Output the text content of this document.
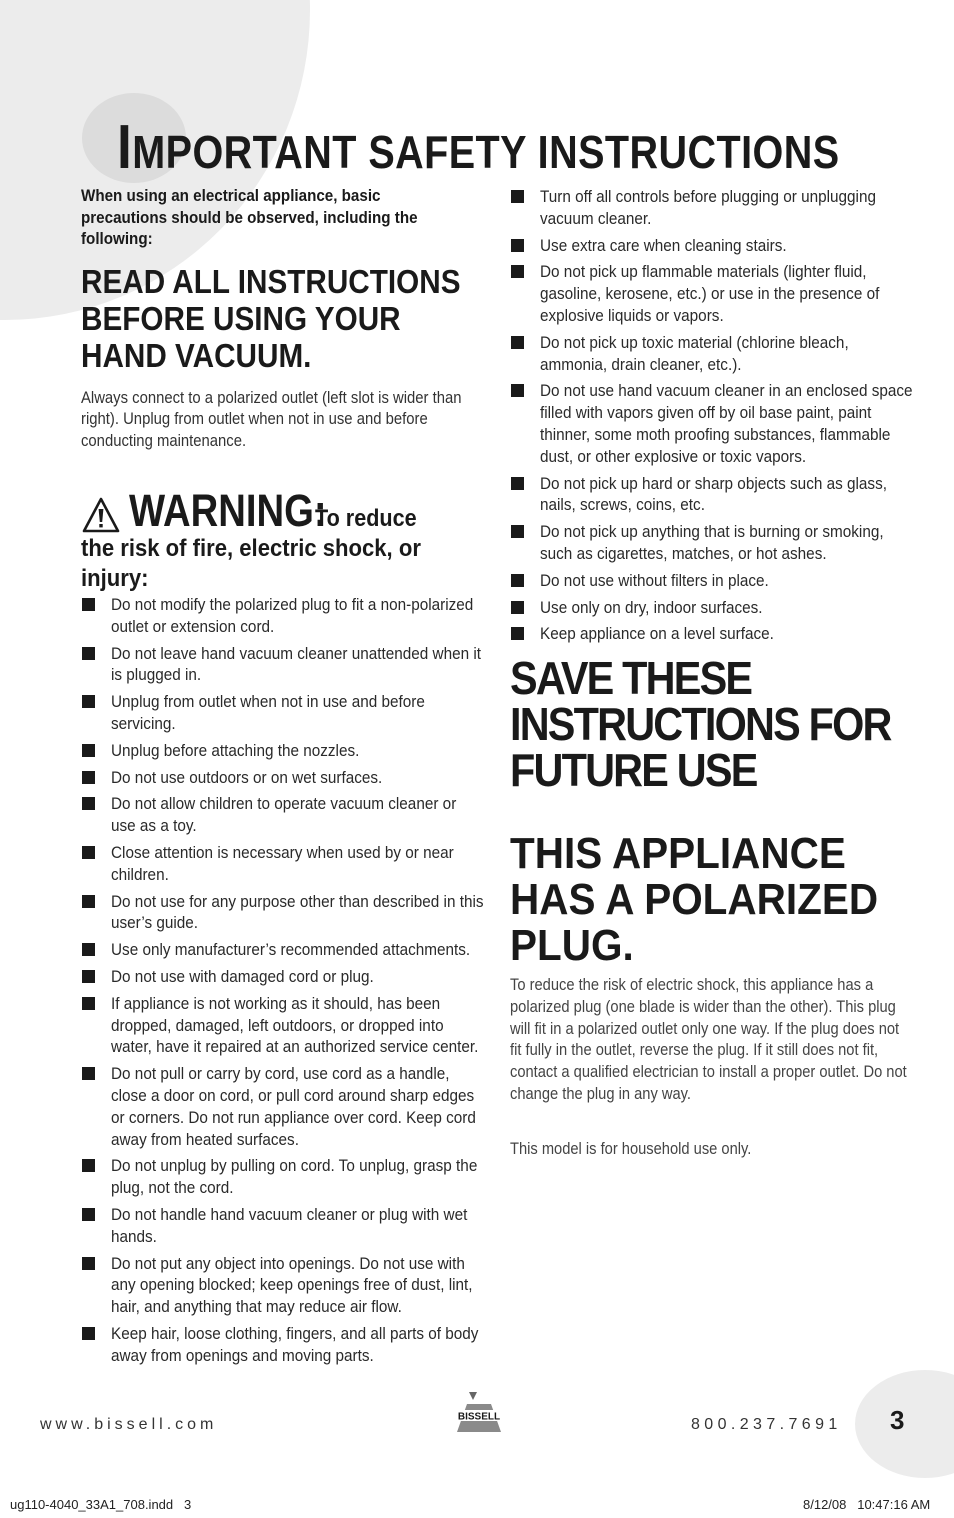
IMPORTANT SAFETY INSTRUCTIONS

When using an electrical appliance, basic precautions should be observed, including the following:

READ ALL INSTRUCTIONS BEFORE USING YOUR HAND VACUUM.

Always connect to a polarized outlet (left slot is wider than right). Unplug from outlet when not in use and before conducting maintenance.

WARNING:
To reduce

the risk of fire, electric shock, or injury:

Do not modify the polarized plug to fit a non-polarized outlet or extension cord.
Do not leave hand vacuum cleaner unattended when it is plugged in.
Unplug from outlet when not in use and before servicing.
Unplug before attaching the nozzles.
Do not use outdoors or on wet surfaces.
Do not allow children to operate vacuum cleaner or use as a toy.
Close attention is necessary when used by or near children.
Do not use for any purpose other than described in this user’s guide.
Use only manufacturer’s recommended attachments.
Do not use with damaged cord or plug.
If appliance is not working as it should, has been dropped, damaged, left outdoors, or dropped into water, have it repaired at an authorized service center.
Do not pull or carry by cord, use cord as a handle, close a door on cord, or pull cord around sharp edges or corners. Do not run appliance over cord. Keep cord away from heated surfaces.
Do not unplug by pulling on cord. To unplug, grasp the plug, not the cord.
Do not handle hand vacuum cleaner or plug with wet hands.
Do not put any object into openings. Do not use with any opening blocked; keep openings free of dust, lint, hair, and anything that may reduce air flow.
Keep hair, loose clothing, fingers, and all parts of body away from openings and moving parts.
Turn off all controls before plugging or unplugging vacuum cleaner.
Use extra care when cleaning stairs.
Do not pick up flammable materials (lighter fluid, gasoline, kerosene, etc.) or use in the presence of explosive liquids or vapors.
Do not pick up toxic material (chlorine bleach, ammonia, drain cleaner, etc.).
Do not use hand vacuum cleaner in an enclosed space filled with vapors given off by oil base paint, paint thinner, some moth proofing substances, flammable dust, or other explosive or toxic vapors.
Do not pick up hard or sharp objects such as glass, nails, screws, coins, etc.
Do not pick up anything that is burning or smoking, such as cigarettes, matches, or hot ashes.
Do not use without filters in place.
Use only on dry, indoor surfaces.
Keep appliance on a level surface.
SAVE THESE INSTRUCTIONS FOR FUTURE USE
THIS APPLIANCE HAS A POLARIZED PLUG.

To reduce the risk of electric shock, this appliance has a polarized plug (one blade is wider than the other). This plug will fit in a polarized outlet only one way. If the plug does not fit fully in the outlet, reverse the plug. If it still does not fit, contact a qualified electrician to install a proper outlet. Do not change the plug in any way.

This model is for household use only.

www.bissell.com	BISSELL	800.237.7691 3
ug110-4040_33A1_708.indd   3	8/12/08   10:47:16 AM
